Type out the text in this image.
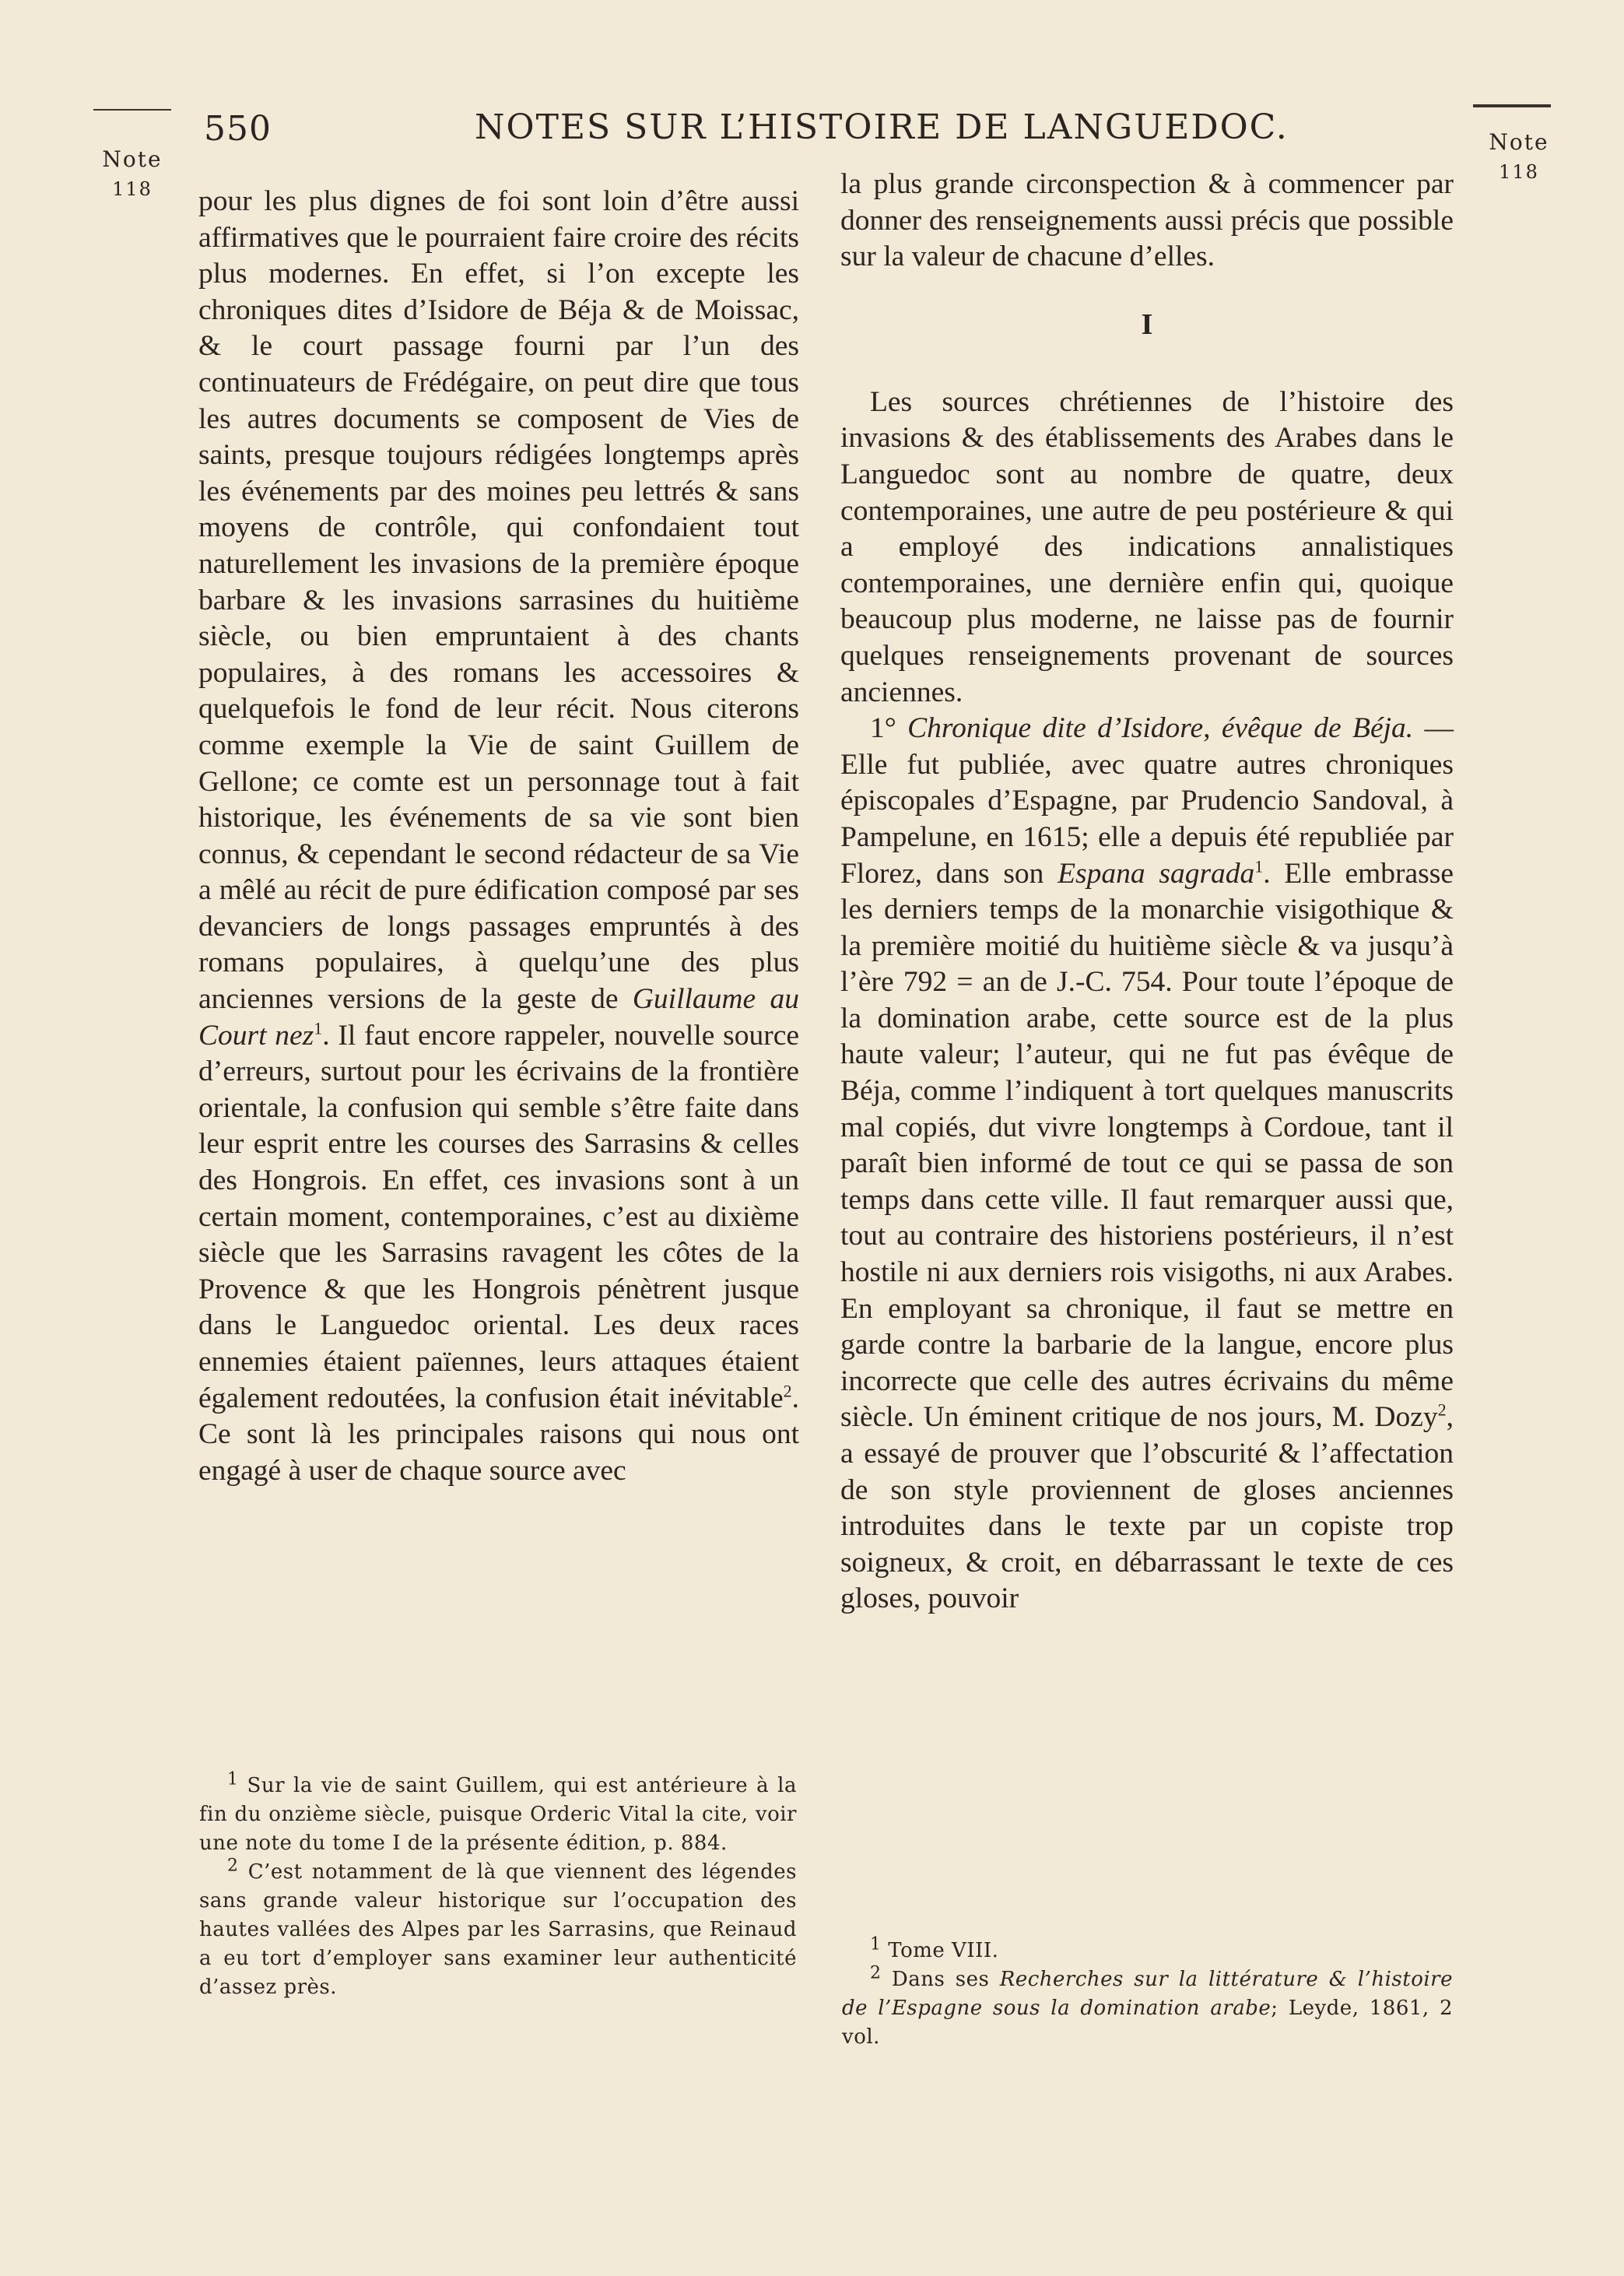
Note
118
Note
118
550	NOTES SUR L’HISTOIRE DE LANGUEDOC.

pour les plus dignes de foi sont loin d’être aussi affirmatives que le pourraient faire croire des récits plus modernes. En effet, si l’on excepte les chroniques dites d’Isidore de Béja & de Moissac, & le court passage fourni par l’un des continuateurs de Frédégaire, on peut dire que tous les autres documents se composent de Vies de saints, presque toujours rédigées longtemps après les événements par des moines peu lettrés & sans moyens de contrôle, qui confondaient tout naturellement les invasions de la première époque barbare & les invasions sarrasines du huitième siècle, ou bien empruntaient à des chants populaires, à des romans les accessoires & quelquefois le fond de leur récit. Nous citerons comme exemple la Vie de saint Guillem de Gellone; ce comte est un personnage tout à fait historique, les événements de sa vie sont bien connus, & cependant le second rédacteur de sa Vie a mêlé au récit de pure édification composé par ses devanciers de longs passages empruntés à des romans populaires, à quelqu’une des plus anciennes versions de la geste de Guillaume au Court nez$^1$. Il faut encore rappeler, nouvelle source d’erreurs, surtout pour les écrivains de la frontière orientale, la confusion qui semble s’être faite dans leur esprit entre les courses des Sarrasins & celles des Hongrois. En effet, ces invasions sont à un certain moment, contemporaines, c’est au dixième siècle que les Sarrasins ravagent les côtes de la Provence & que les Hongrois pénètrent jusque dans le Languedoc oriental. Les deux races ennemies étaient païennes, leurs attaques étaient également redoutées, la confusion était inévitable$^2$. Ce sont là les principales raisons qui nous ont engagé à user de chaque source avec

la plus grande circonspection & à commencer par donner des renseignements aussi précis que possible sur la valeur de chacune d’elles.

I

Les sources chrétiennes de l’histoire des invasions & des établissements des Arabes dans le Languedoc sont au nombre de quatre, deux contemporaines, une autre de peu postérieure & qui a employé des indications annalistiques contemporaines, une dernière enfin qui, quoique beaucoup plus moderne, ne laisse pas de fournir quelques renseignements provenant de sources anciennes.

1° Chronique dite d’Isidore, évêque de Béja. — Elle fut publiée, avec quatre autres chroniques épiscopales d’Espagne, par Prudencio Sandoval, à Pampelune, en 1615; elle a depuis été republiée par Florez, dans son Espana sagrada$^1$. Elle embrasse les derniers temps de la monarchie visigothique & la première moitié du huitième siècle & va jusqu’à l’ère 792 = an de J.-C. 754. Pour toute l’époque de la domination arabe, cette source est de la plus haute valeur; l’auteur, qui ne fut pas évêque de Béja, comme l’indiquent à tort quelques manuscrits mal copiés, dut vivre longtemps à Cordoue, tant il paraît bien informé de tout ce qui se passa de son temps dans cette ville. Il faut remarquer aussi que, tout au contraire des historiens postérieurs, il n’est hostile ni aux derniers rois visigoths, ni aux Arabes. En employant sa chronique, il faut se mettre en garde contre la barbarie de la langue, encore plus incorrecte que celle des autres écrivains du même siècle. Un éminent critique de nos jours, M. Dozy$^2$, a essayé de prouver que l’obscurité & l’affectation de son style proviennent de gloses anciennes introduites dans le texte par un copiste trop soigneux, & croit, en débarrassant le texte de ces gloses, pouvoir

$^1$ Sur la vie de saint Guillem, qui est antérieure à la fin du onzième siècle, puisque Orderic Vital la cite, voir une note du tome I de la présente édition, p. 884.

$^2$ C’est notamment de là que viennent des légendes sans grande valeur historique sur l’occupation des hautes vallées des Alpes par les Sarrasins, que Reinaud a eu tort d’employer sans examiner leur authenticité d’assez près.

$^1$ Tome VIII.

$^2$ Dans ses Recherches sur la littérature & l’histoire de l’Espagne sous la domination arabe; Leyde, 1861, 2 vol.
